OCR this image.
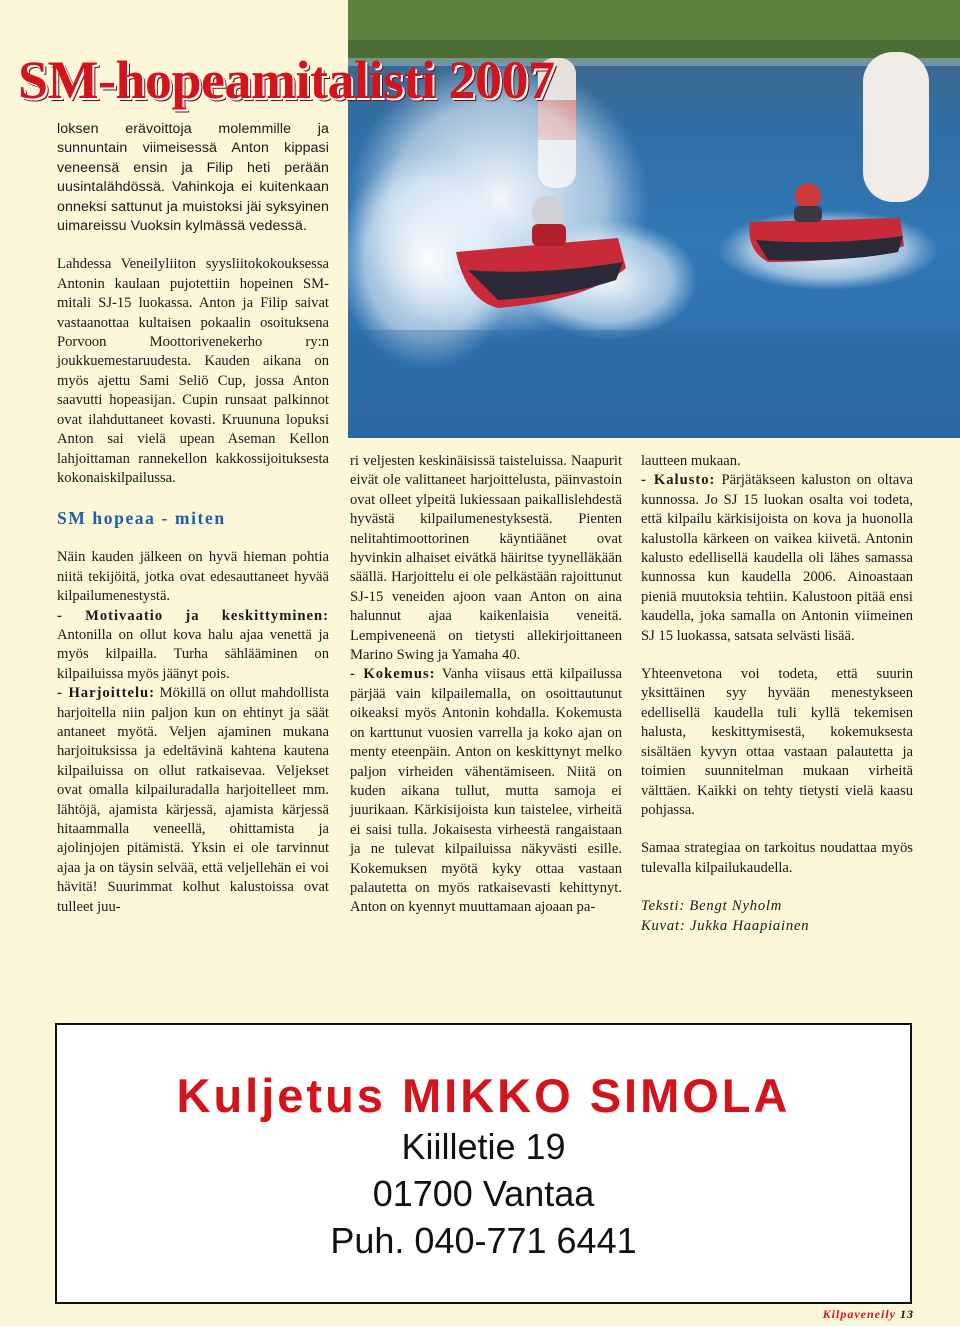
SM-hopeamitalisti 2007

loksen erävoittoja molemmille ja sunnuntain viimeisessä Anton kippasi veneensä ensin ja Filip heti perään uusintalähdössä. Vahinkoja ei kuitenkaan onneksi sattunut ja muistoksi jäi syksyinen uimareissu Vuoksin kylmässä vedessä.

Lahdessa Veneilyliiton syysliitokokouksessa Antonin kaulaan pujotettiin hopeinen SM-mitali SJ-15 luokassa. Anton ja Filip saivat vastaanottaa kultaisen pokaalin osoituksena Porvoon Moottorivenekerho ry:n joukkuemestaruudesta. Kauden aikana on myös ajettu Sami Seliö Cup, jossa Anton saavutti hopeasijan. Cupin runsaat palkinnot ovat ilahduttaneet kovasti. Kruununa lopuksi Anton sai vielä upean Aseman Kellon lahjoittaman rannekellon kakkossijoituksesta kokonaiskilpailussa.

SM hopeaa - miten

Näin kauden jälkeen on hyvä hieman pohtia niitä tekijöitä, jotka ovat edesauttaneet hyvää kilpailumenestystä.

- Motivaatio ja keskittyminen: Antonilla on ollut kova halu ajaa venettä ja myös kilpailla. Turha sählääminen on kilpailuissa myös jäänyt pois.

- Harjoittelu: Mökillä on ollut mahdollista harjoitella niin paljon kun on ehtinyt ja säät antaneet myötä. Veljen ajaminen mukana harjoituksissa ja edeltävinä kahtena kautena kilpailuissa on ollut ratkaisevaa. Veljekset ovat omalla kilpailuradalla harjoitelleet mm. lähtöjä, ajamista kärjessä, ajamista kärjessä hitaammalla veneellä, ohittamista ja ajolinjojen pitämistä. Yksin ei ole tarvinnut ajaa ja on täysin selvää, että veljellehän ei voi hävitä! Suurimmat kolhut kalustoissa ovat tulleet juu-

ri veljesten keskinäisissä taisteluissa. Naapurit eivät ole valittaneet harjoittelusta, päinvastoin ovat olleet ylpeitä lukiessaan paikallislehdestä hyvästä kilpailumenestyksestä. Pienten nelitahtimoottorinen käyntiäänet ovat hyvinkin alhaiset eivätkä häiritse tyynelläkään säällä. Harjoittelu ei ole pelkästään rajoittunut SJ-15 veneiden ajoon vaan Anton on aina halunnut ajaa kaikenlaisia veneitä. Lempiveneenä on tietysti allekirjoittaneen Marino Swing ja Yamaha 40.

- Kokemus: Vanha viisaus että kilpailussa pärjää vain kilpailemalla, on osoittautunut oikeaksi myös Antonin kohdalla. Kokemusta on karttunut vuosien varrella ja koko ajan on menty eteenpäin. Anton on keskittynyt melko paljon virheiden vähentämiseen. Niitä on kuden aikana tullut, mutta samoja ei juurikaan. Kärkisijoista kun taistelee, virheitä ei saisi tulla. Jokaisesta virheestä rangaistaan ja ne tulevat kilpailuissa näkyvästi esille. Kokemuksen myötä kyky ottaa vastaan palautetta on myös ratkaisevasti kehittynyt. Anton on kyennyt muuttamaan ajoaan pa-

lautteen mukaan.

- Kalusto: Pärjätäkseen kaluston on oltava kunnossa. Jo SJ 15 luokan osalta voi todeta, että kilpailu kärkisijoista on kova ja huonolla kalustolla kärkeen on vaikea kiivetä. Antonin kalusto edellisellä kaudella oli lähes samassa kunnossa kun kaudella 2006. Ainoastaan pieniä muutoksia tehtiin. Kalustoon pitää ensi kaudella, joka samalla on Antonin viimeinen SJ 15 luokassa, satsata selvästi lisää.

Yhteenvetona voi todeta, että suurin yksittäinen syy hyvään menestykseen edellisellä kaudella tuli kyllä tekemisen halusta, keskittymisestä, kokemuksesta sisältäen kyvyn ottaa vastaan palautetta ja toimien suunnitelman mukaan virheitä välttäen. Kaikki on tehty tietysti vielä kaasu pohjassa.

Samaa strategiaa on tarkoitus noudattaa myös tulevalla kilpailukaudella.

Teksti: Bengt Nyholm

Kuvat: Jukka Haapiainen

Kuljetus MIKKO SIMOLA
Kiilletie 19
01700 Vantaa
Puh. 040-771 6441
Kilpaveneily 13
